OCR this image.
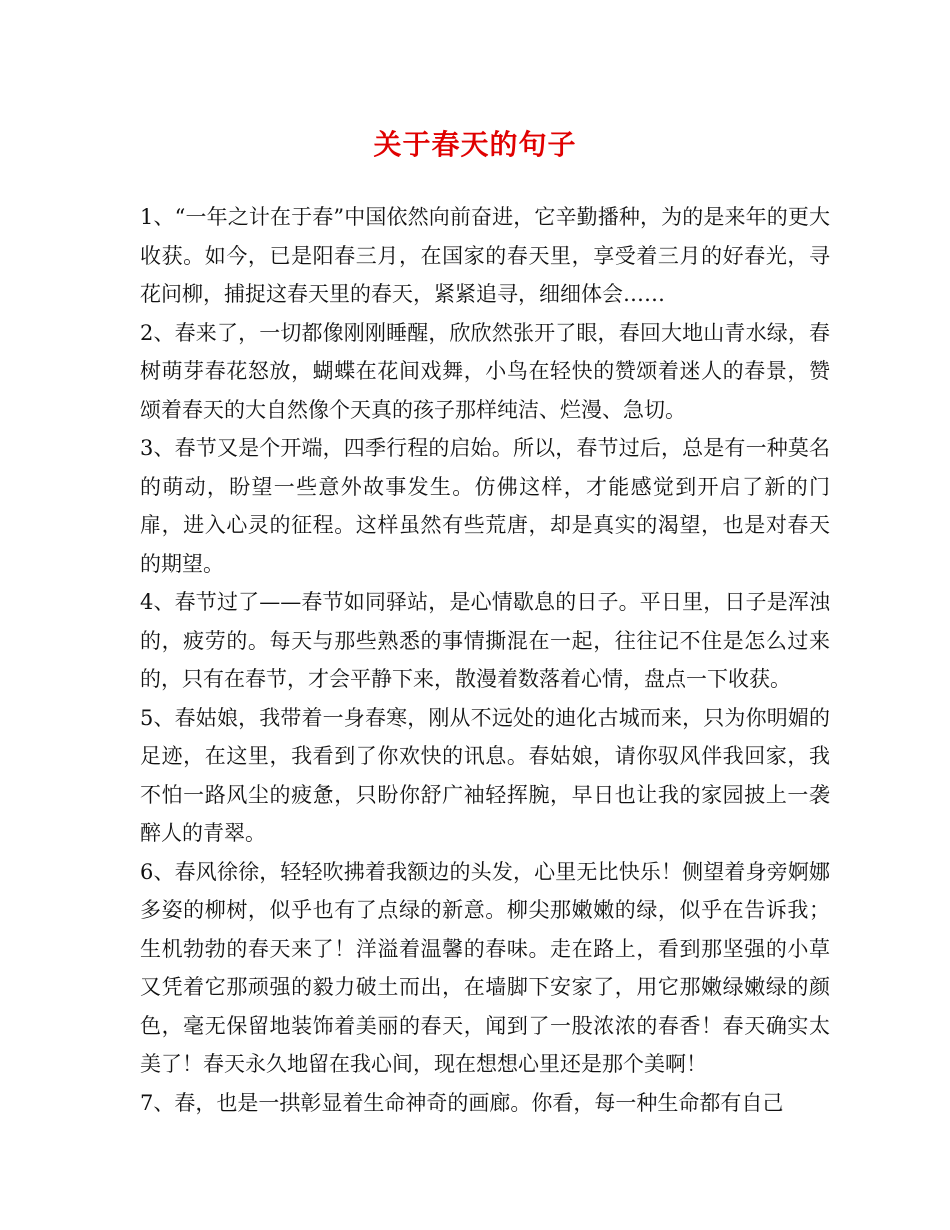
关于春天的句子

1、“一年之计在于春”中国依然向前奋进，它辛勤播种，为的是来年的更大收获。如今，已是阳春三月，在国家的春天里，享受着三月的好春光，寻花问柳，捕捉这春天里的春天，紧紧追寻，细细体会……

2、春来了，一切都像刚刚睡醒，欣欣然张开了眼，春回大地山青水绿，春树萌芽春花怒放，蝴蝶在花间戏舞，小鸟在轻快的赞颂着迷人的春景，赞颂着春天的大自然像个天真的孩子那样纯洁、烂漫、急切。

3、春节又是个开端，四季行程的启始。所以，春节过后，总是有一种莫名的萌动，盼望一些意外故事发生。仿佛这样，才能感觉到开启了新的门扉，进入心灵的征程。这样虽然有些荒唐，却是真实的渴望，也是对春天的期望。

4、春节过了——春节如同驿站，是心情歇息的日子。平日里，日子是浑浊的，疲劳的。每天与那些熟悉的事情撕混在一起，往往记不住是怎么过来的，只有在春节，才会平静下来，散漫着数落着心情，盘点一下收获。

5、春姑娘，我带着一身春寒，刚从不远处的迪化古城而来，只为你明媚的足迹，在这里，我看到了你欢快的讯息。春姑娘，请你驭风伴我回家，我不怕一路风尘的疲惫，只盼你舒广袖轻挥腕，早日也让我的家园披上一袭醉人的青翠。

6、春风徐徐，轻轻吹拂着我额边的头发，心里无比快乐！侧望着身旁婀娜多姿的柳树，似乎也有了点绿的新意。柳尖那嫩嫩的绿，似乎在告诉我；生机勃勃的春天来了！洋溢着温馨的春味。走在路上，看到那坚强的小草又凭着它那顽强的毅力破土而出，在墙脚下安家了，用它那嫩绿嫩绿的颜色，毫无保留地装饰着美丽的春天，闻到了一股浓浓的春香！春天确实太美了！春天永久地留在我心间，现在想想心里还是那个美啊！

7、春，也是一拱彰显着生命神奇的画廊。你看，每一种生命都有自己
